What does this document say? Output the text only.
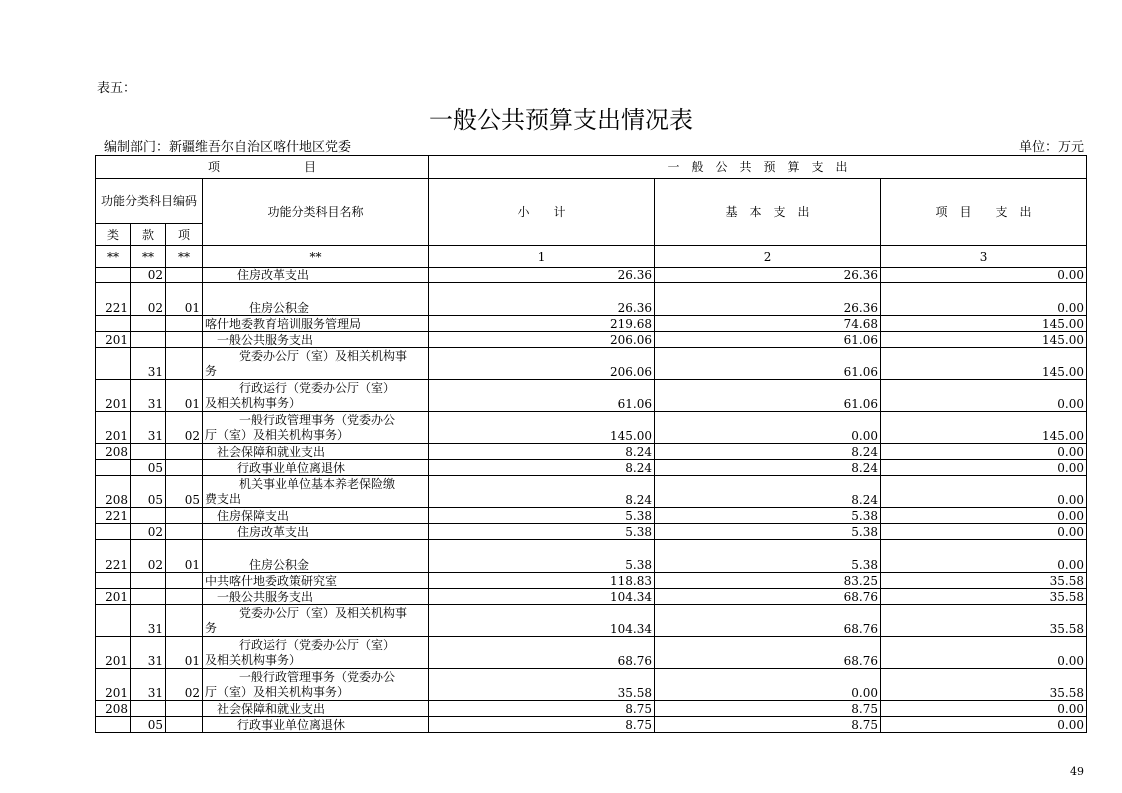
表五：
一般公共预算支出情况表
编制部门：新疆维吾尔自治区喀什地区党委	单位：万元
项　　　　　　　目				一　般　公　共　预　算　支　出		
功能分类科目编码			功能分类科目名称	小　　计	基　本　支　出	项　目　　支　出
类	款	项				
**	**	**	**	1	2	3
	02		住房改革支出	26.36	26.36	0.00
221	02	01	住房公积金	26.36	26.36	0.00
			喀什地委教育培训服务管理局	219.68	74.68	145.00
201			一般公共服务支出	206.06	61.06	145.00
	31		党委办公厅（室）及相关机构事
务	206.06	61.06	145.00
201	31	01	行政运行（党委办公厅（室）
及相关机构事务）	61.06	61.06	0.00
201	31	02	一般行政管理事务（党委办公
厅（室）及相关机构事务）	145.00	0.00	145.00
208			社会保障和就业支出	8.24	8.24	0.00
	05		行政事业单位离退休	8.24	8.24	0.00
208	05	05	机关事业单位基本养老保险缴
费支出	8.24	8.24	0.00
221			住房保障支出	5.38	5.38	0.00
	02		住房改革支出	5.38	5.38	0.00
221	02	01	住房公积金	5.38	5.38	0.00
			中共喀什地委政策研究室	118.83	83.25	35.58
201			一般公共服务支出	104.34	68.76	35.58
	31		党委办公厅（室）及相关机构事
务	104.34	68.76	35.58
201	31	01	行政运行（党委办公厅（室）
及相关机构事务）	68.76	68.76	0.00
201	31	02	一般行政管理事务（党委办公
厅（室）及相关机构事务）	35.58	0.00	35.58
208			社会保障和就业支出	8.75	8.75	0.00
	05		行政事业单位离退休	8.75	8.75	0.00
49
